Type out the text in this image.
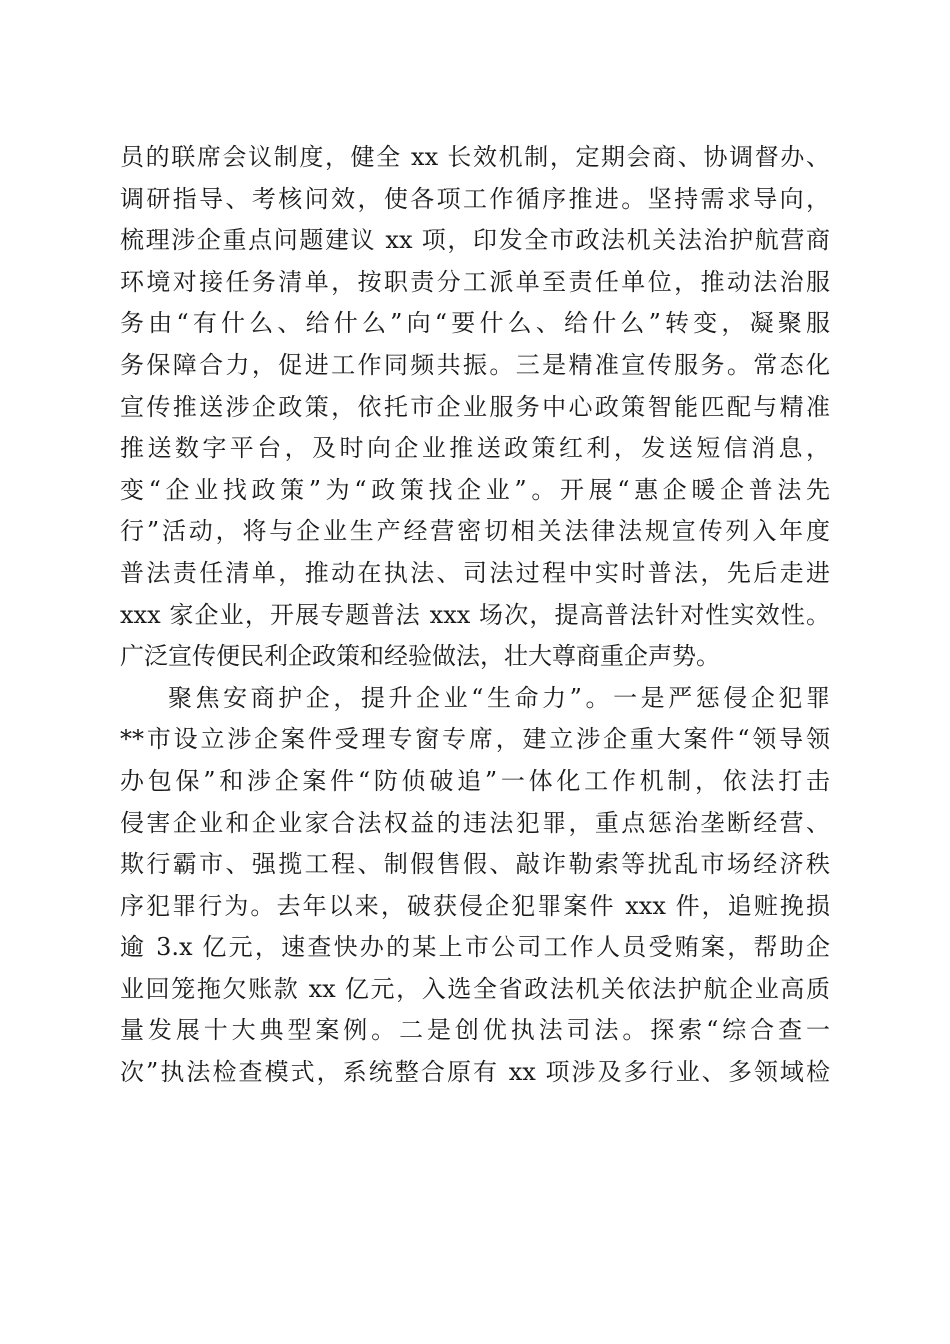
员的联席会议制度，健全 xx 长效机制，定期会商、协调督办、
调研指导、考核问效，使各项工作循序推进。坚持需求导向，
梳理涉企重点问题建议 xx 项，印发全市政法机关法治护航营商
环境对接任务清单，按职责分工派单至责任单位，推动法治服
务由“有什么、给什么”向“要什么、给什么”转变，凝聚服
务保障合力，促进工作同频共振。三是精准宣传服务。常态化
宣传推送涉企政策，依托市企业服务中心政策智能匹配与精准
推送数字平台，及时向企业推送政策红利，发送短信消息，
变“企业找政策”为“政策找企业”。开展“惠企暖企普法先
行”活动，将与企业生产经营密切相关法律法规宣传列入年度
普法责任清单，推动在执法、司法过程中实时普法，先后走进
xxx 家企业，开展专题普法 xxx 场次，提高普法针对性实效性。
广泛宣传便民利企政策和经验做法，壮大尊商重企声势。
聚焦安商护企，提升企业“生命力”。一是严惩侵企犯罪
**市设立涉企案件受理专窗专席，建立涉企重大案件“领导领
办包保”和涉企案件“防侦破追”一体化工作机制，依法打击
侵害企业和企业家合法权益的违法犯罪，重点惩治垄断经营、
欺行霸市、强揽工程、制假售假、敲诈勒索等扰乱市场经济秩
序犯罪行为。去年以来，破获侵企犯罪案件 xxx 件，追赃挽损
逾 3.x 亿元，速查快办的某上市公司工作人员受贿案，帮助企
业回笼拖欠账款 xx 亿元，入选全省政法机关依法护航企业高质
量发展十大典型案例。二是创优执法司法。探索“综合查一
次”执法检查模式，系统整合原有 xx 项涉及多行业、多领域检
